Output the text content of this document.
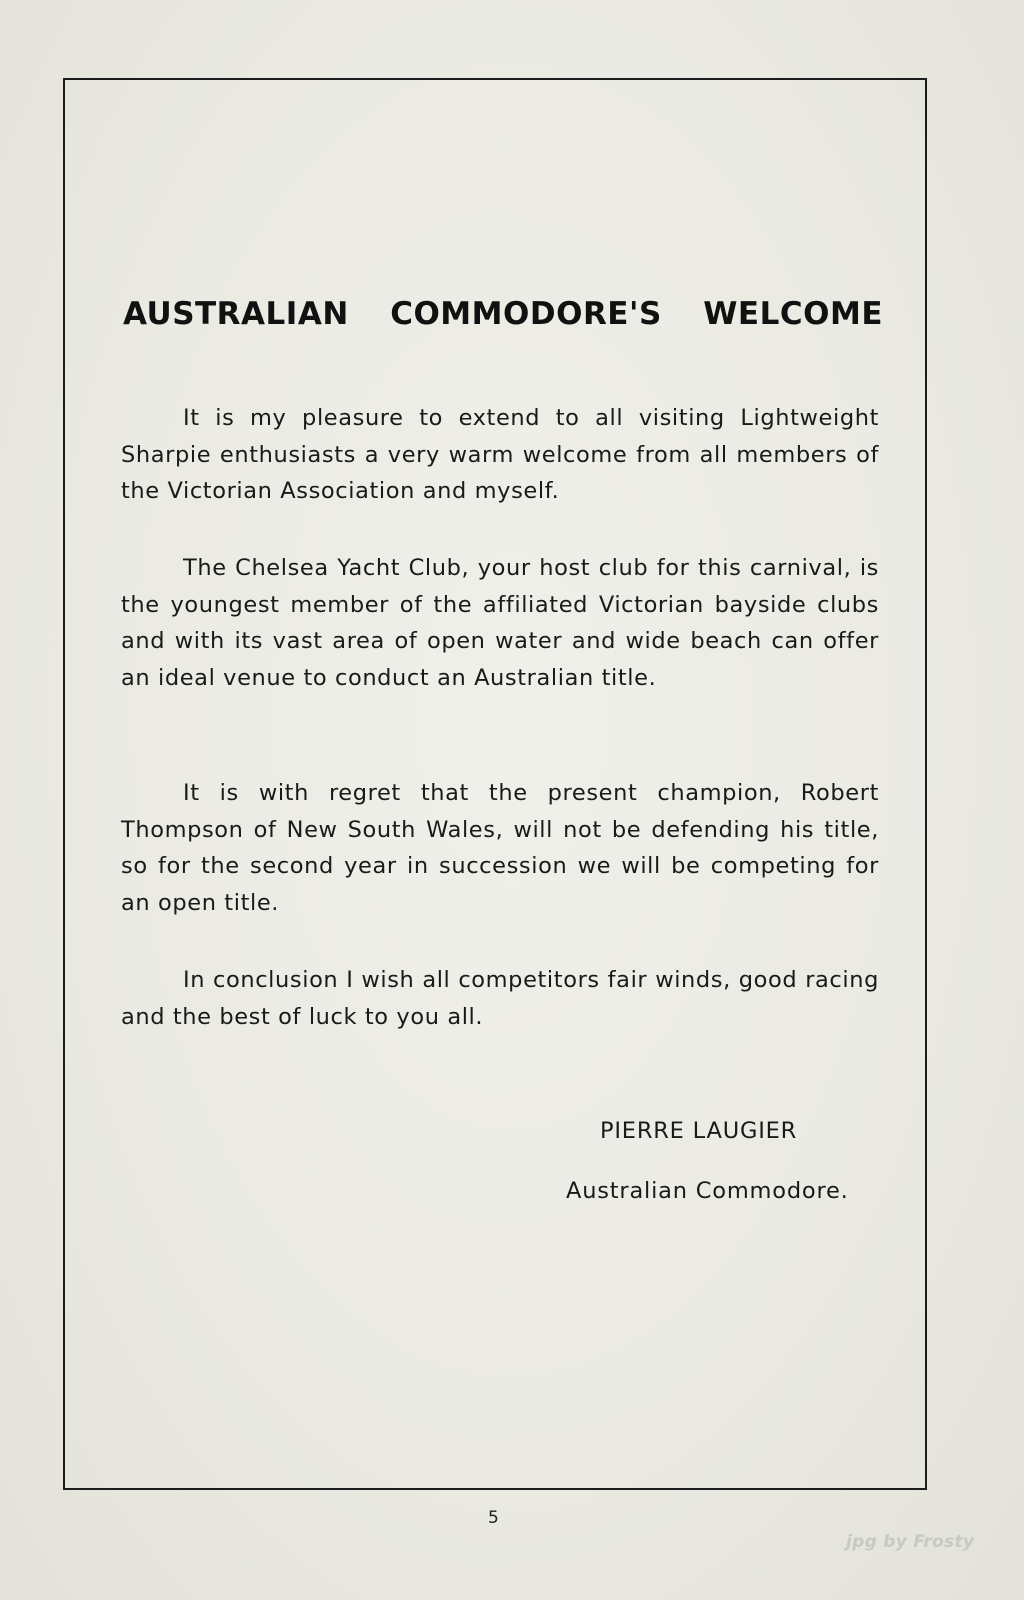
AUSTRALIAN COMMODORE'S WELCOME

It is my pleasure to extend to all visiting Lightweight Sharpie enthusiasts a very warm welcome from all members of the Victorian Association and myself.

The Chelsea Yacht Club, your host club for this carnival, is the youngest member of the affiliated Victorian bayside clubs and with its vast area of open water and wide beach can offer an ideal venue to conduct an Australian title.

It is with regret that the present champion, Robert Thompson of New South Wales, will not be defending his title, so for the second year in succession we will be competing for an open title.

In conclusion I wish all competitors fair winds, good racing and the best of luck to you all.

PIERRE LAUGIER
Australian Commodore.
5
jpg by Frosty
